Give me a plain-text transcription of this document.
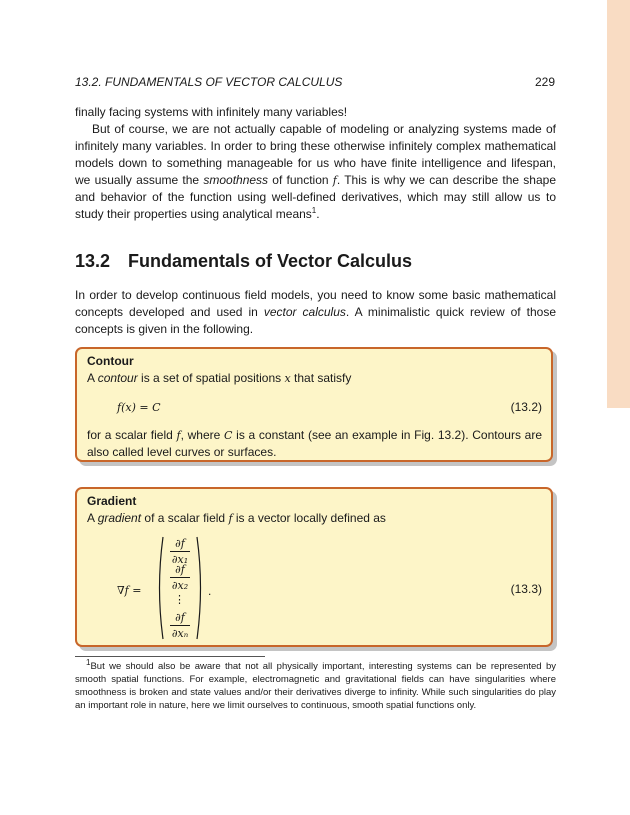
13.2. FUNDAMENTALS OF VECTOR CALCULUS	229

finally facing systems with infinitely many variables!

But of course, we are not actually capable of modeling or analyzing systems made of infinitely many variables. In order to bring these otherwise infinitely complex mathematical models down to something manageable for us who have finite intelligence and lifespan, we usually assume the smoothness of function f. This is why we can describe the shape and behavior of the function using well-defined derivatives, which may still allow us to study their properties using analytical means$^1$.

13.2 Fundamentals of Vector Calculus

In order to develop continuous field models, you need to know some basic mathematical concepts developed and used in vector calculus. A minimalistic quick review of those concepts is given in the following.

Contour

A contour is a set of spatial positions x that satisfy

f(x) = C	(13.2)

for a scalar field f, where C is a constant (see an example in Fig. 13.2). Contours are also called level curves or surfaces.

Gradient

A gradient of a scalar field f is a vector locally defined as

∇f =
∂f
∂x₁
∂f
∂x₂
⋮
∂f
∂xₙ
.	(13.3)

$^1$But we should also be aware that not all physically important, interesting systems can be represented by smooth spatial functions. For example, electromagnetic and gravitational fields can have singularities where smoothness is broken and state values and/or their derivatives diverge to infinity. While such singularities do play an important role in nature, here we limit ourselves to continuous, smooth spatial functions only.
